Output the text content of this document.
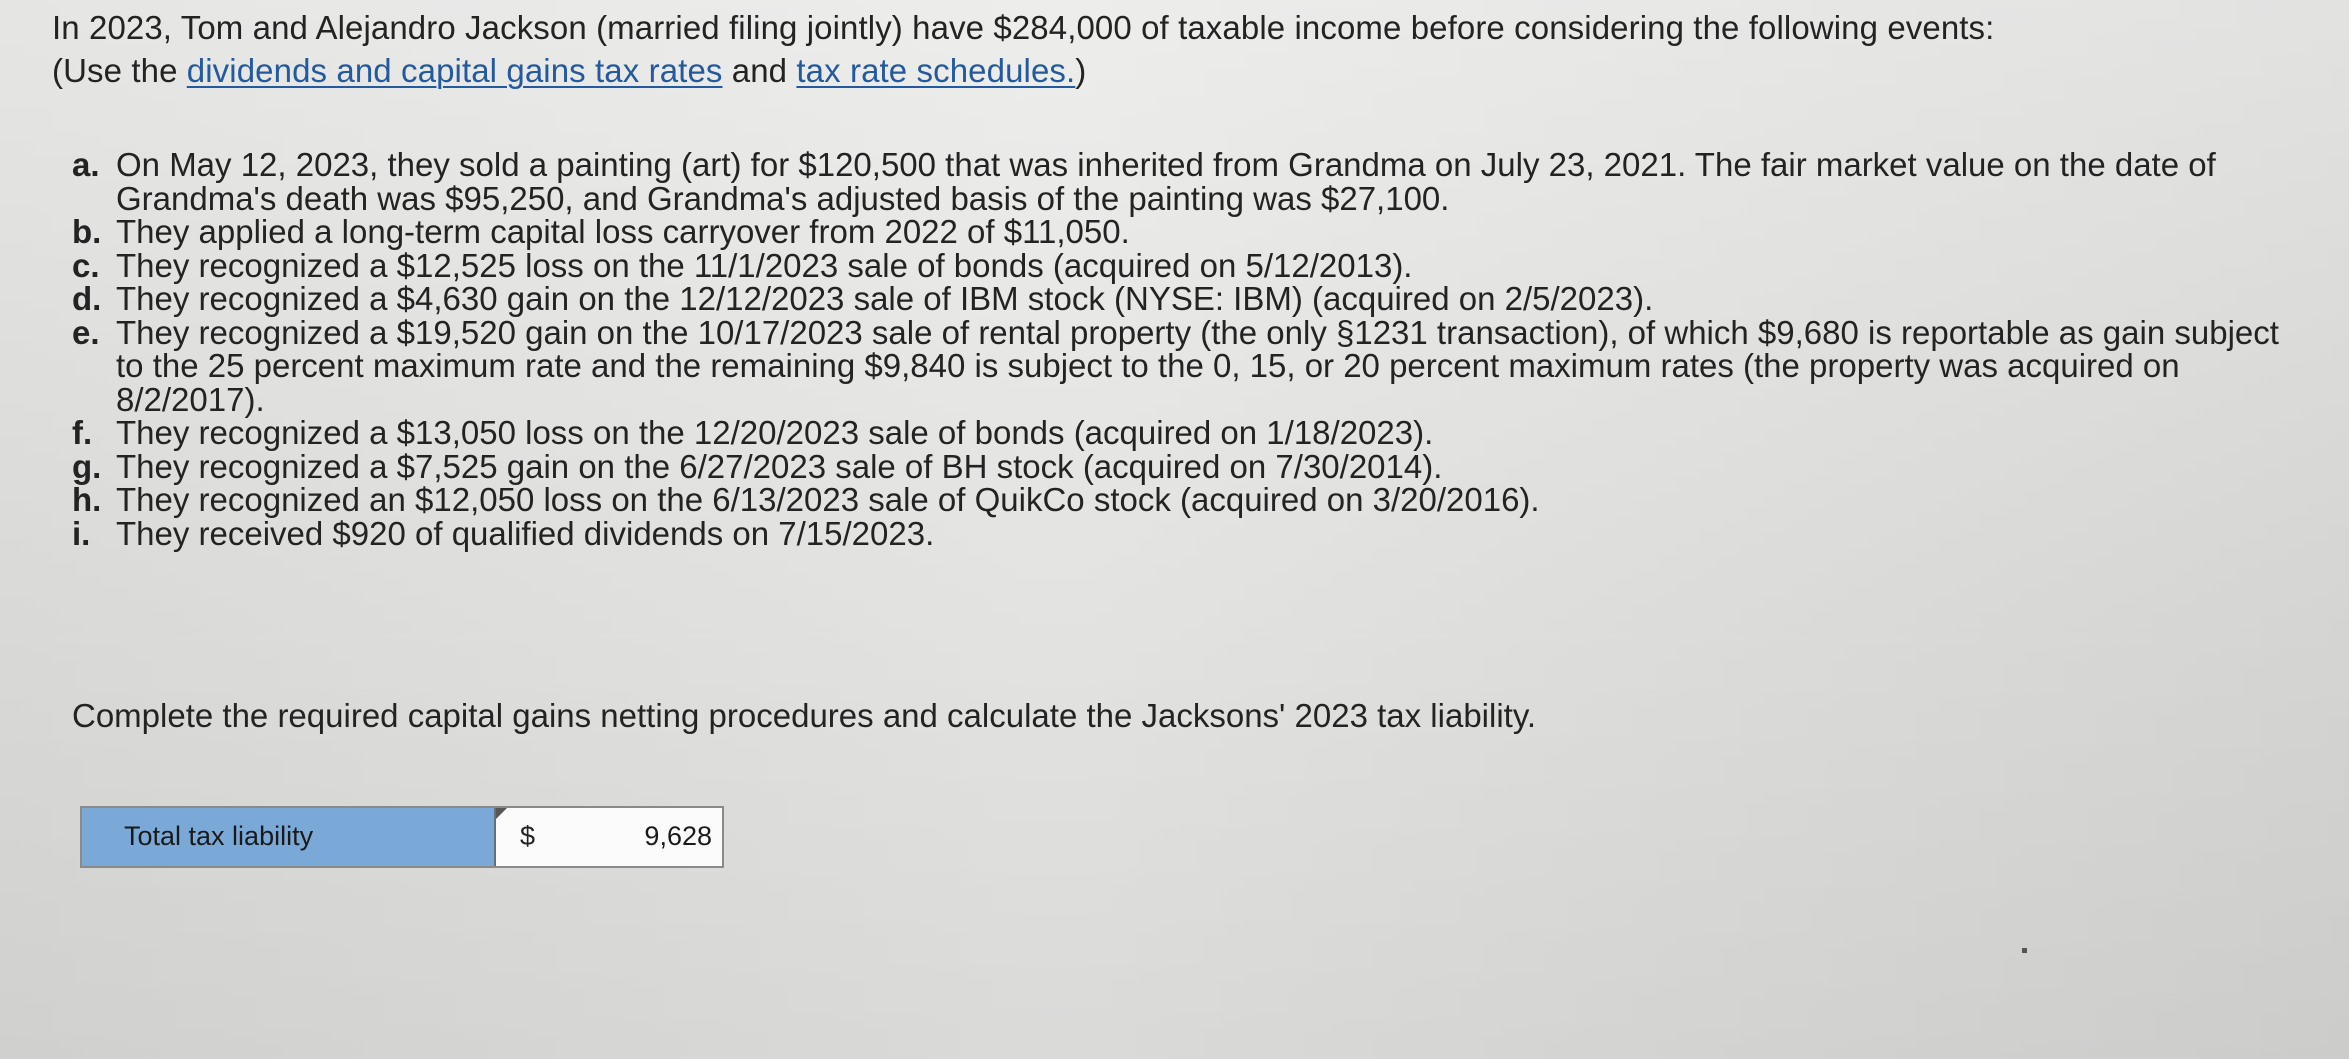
In 2023, Tom and Alejandro Jackson (married filing jointly) have $284,000 of taxable income before considering the following events:

(Use the dividends and capital gains tax rates and tax rate schedules.)

a. On May 12, 2023, they sold a painting (art) for $120,500 that was inherited from Grandma on July 23, 2021. The fair market value on the date of Grandma's death was $95,250, and Grandma's adjusted basis of the painting was $27,100.
b. They applied a long-term capital loss carryover from 2022 of $11,050.
c. They recognized a $12,525 loss on the 11/1/2023 sale of bonds (acquired on 5/12/2013).
d. They recognized a $4,630 gain on the 12/12/2023 sale of IBM stock (NYSE: IBM) (acquired on 2/5/2023).
e. They recognized a $19,520 gain on the 10/17/2023 sale of rental property (the only §1231 transaction), of which $9,680 is reportable as gain subject to the 25 percent maximum rate and the remaining $9,840 is subject to the 0, 15, or 20 percent maximum rates (the property was acquired on 8/2/2017).
f. They recognized a $13,050 loss on the 12/20/2023 sale of bonds (acquired on 1/18/2023).
g. They recognized a $7,525 gain on the 6/27/2023 sale of BH stock (acquired on 7/30/2014).
h. They recognized an $12,050 loss on the 6/13/2023 sale of QuikCo stock (acquired on 3/20/2016).
i. They received $920 of qualified dividends on 7/15/2023.

Complete the required capital gains netting procedures and calculate the Jacksons' 2023 tax liability.

Total tax liability	$
9,628
